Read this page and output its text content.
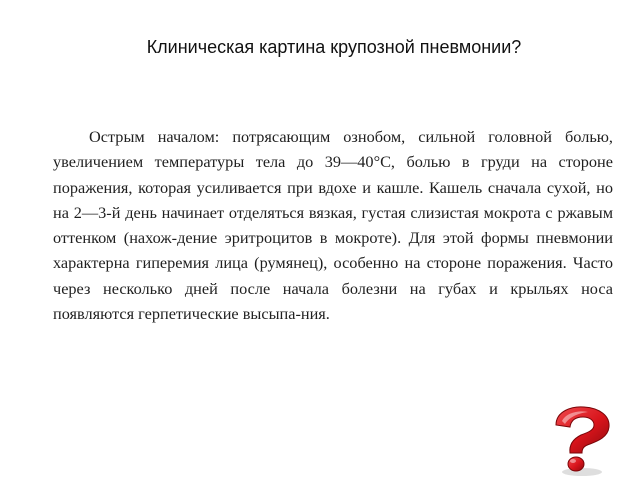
Клиническая картина крупозной пневмонии?

Острым началом: потрясающим ознобом, сильной головной болью, увеличением температуры тела до 39—40°С, болью в груди на стороне поражения, которая усиливается при вдохе и кашле. Кашель сначала сухой, но на 2—3-й день начинает отделяться вязкая, густая слизистая мокрота с ржавым оттенком (нахож-дение эритроцитов в мокроте). Для этой формы пневмонии характерна гиперемия лица (румянец), особенно на стороне поражения. Часто через несколько дней после начала болезни на губах и крыльях носа появляются герпетические высыпа-ния.
